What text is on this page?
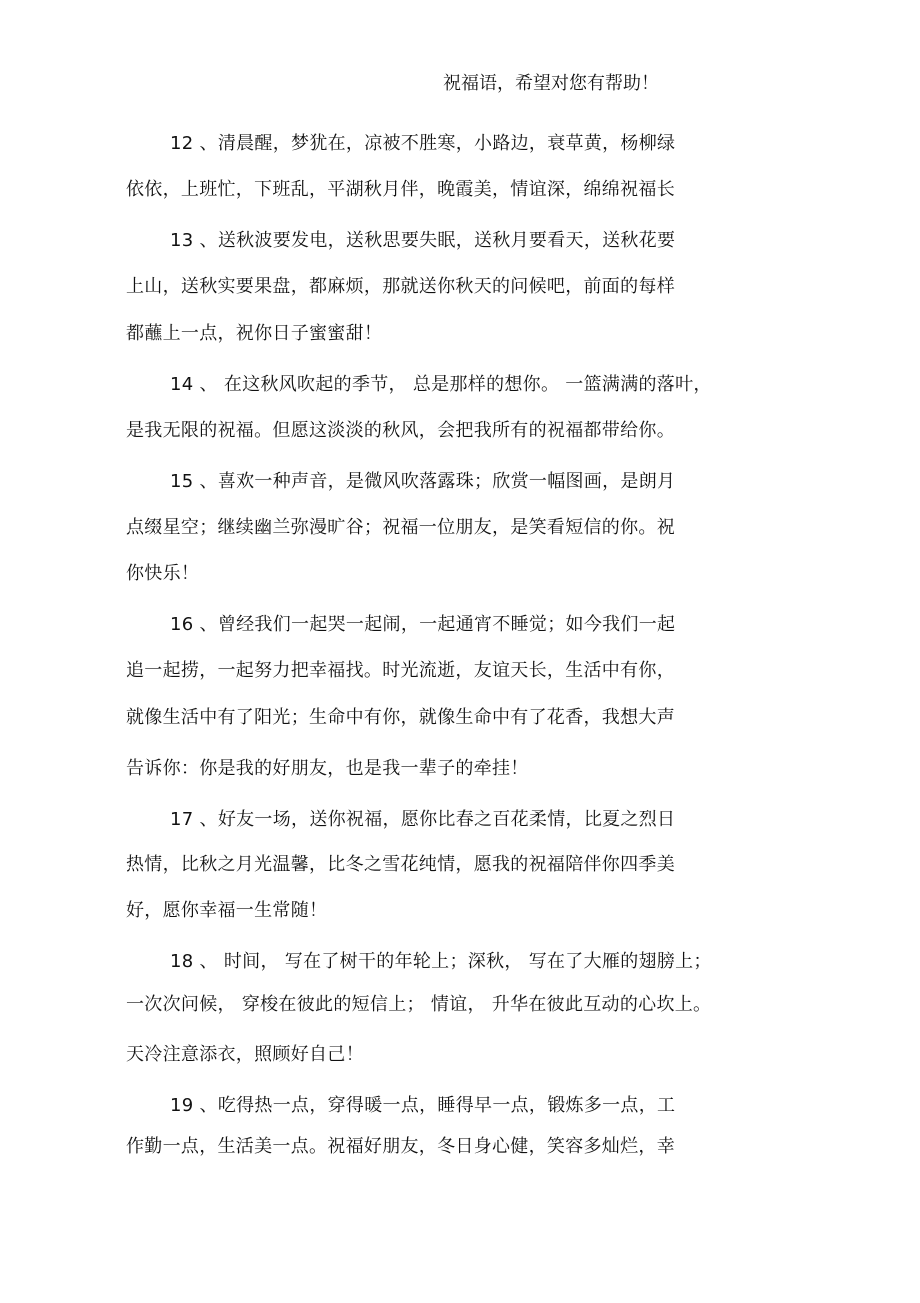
祝福语，希望对您有帮助！
12 、清晨醒，梦犹在，凉被不胜寒，小路边，衰草黄，杨柳绿
依依，上班忙，下班乱，平湖秋月伴，晚霞美，情谊深，绵绵祝福长
13 、送秋波要发电，送秋思要失眠，送秋月要看天，送秋花要
上山，送秋实要果盘，都麻烦，那就送你秋天的问候吧，前面的每样
都蘸上一点，祝你日子蜜蜜甜！
14 、 在这秋风吹起的季节， 总是那样的想你。 一篮满满的落叶，
是我无限的祝福。但愿这淡淡的秋风，会把我所有的祝福都带给你。
15 、喜欢一种声音，是微风吹落露珠；欣赏一幅图画，是朗月
点缀星空；继续幽兰弥漫旷谷；祝福一位朋友，是笑看短信的你。祝
你快乐！
16 、曾经我们一起哭一起闹，一起通宵不睡觉；如今我们一起
追一起捞，一起努力把幸福找。时光流逝，友谊天长，生活中有你，
就像生活中有了阳光；生命中有你，就像生命中有了花香，我想大声
告诉你：你是我的好朋友，也是我一辈子的牵挂！
17 、好友一场，送你祝福，愿你比春之百花柔情，比夏之烈日
热情，比秋之月光温馨，比冬之雪花纯情，愿我的祝福陪伴你四季美
好，愿你幸福一生常随！
18 、 时间， 写在了树干的年轮上；深秋， 写在了大雁的翅膀上；
一次次问候， 穿梭在彼此的短信上； 情谊， 升华在彼此互动的心坎上。
天冷注意添衣，照顾好自己！
19 、吃得热一点，穿得暖一点，睡得早一点，锻炼多一点，工
作勤一点，生活美一点。祝福好朋友，冬日身心健，笑容多灿烂，幸
